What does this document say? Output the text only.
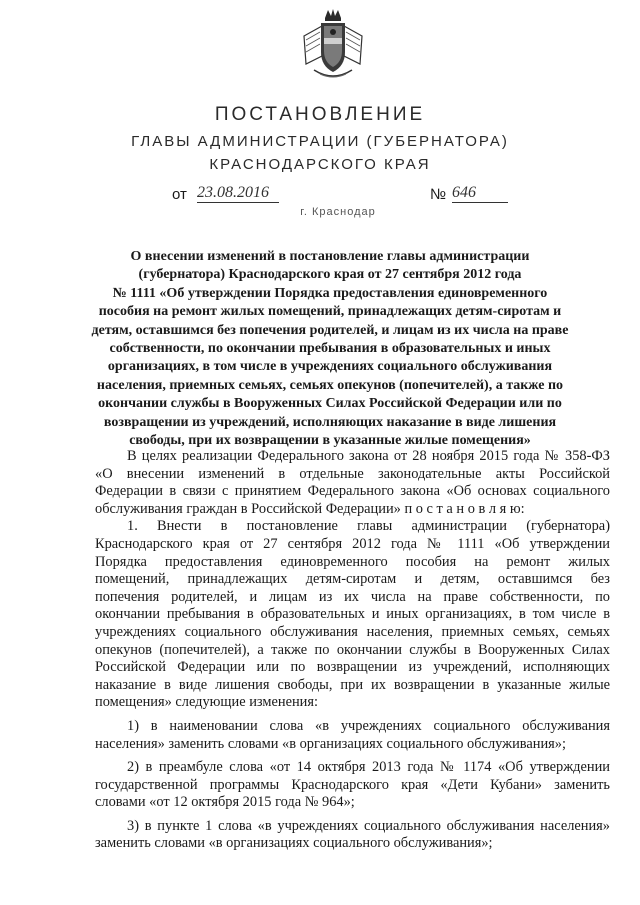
ПОСТАНОВЛЕНИЕ
ГЛАВЫ АДМИНИСТРАЦИИ (ГУБЕРНАТОРА)
КРАСНОДАРСКОГО КРАЯ
от 23.08.2016	№ 646
г. Краснодар
О внесении изменений в постановление главы администрации
(губернатора) Краснодарского края от 27 сентября 2012 года
№ 1111 «Об утверждении Порядка предоставления единовременного
пособия на ремонт жилых помещений, принадлежащих детям-сиротам и
детям, оставшимся без попечения родителей, и лицам из их числа на праве
собственности, по окончании пребывания в образовательных и иных
организациях, в том числе в учреждениях социального обслуживания
населения, приемных семьях, семьях опекунов (попечителей), а также по
окончании службы в Вооруженных Силах Российской Федерации или по
возвращении из учреждений, исполняющих наказание в виде лишения
свободы, при их возвращении в указанные жилые помещения»
В целях реализации Федерального закона от 28 ноября 2015 года № 358-ФЗ
«О внесении изменений в отдельные законодательные акты Российской
Федерации в связи с принятием Федерального закона «Об основах социального
обслуживания граждан в Российской Федерации» п о с т а н о в л я ю:
1. Внести в постановление главы администрации (губернатора)
Краснодарского края от 27 сентября 2012 года № 1111 «Об утверждении
Порядка предоставления единовременного пособия на ремонт жилых
помещений, принадлежащих детям-сиротам и детям, оставшимся без
попечения родителей, и лицам из их числа на праве собственности, по
окончании пребывания в образовательных и иных организациях, в том числе в
учреждениях социального обслуживания населения, приемных семьях, семьях
опекунов (попечителей), а также по окончании службы в Вооруженных Силах
Российской Федерации или по возвращении из учреждений, исполняющих
наказание в виде лишения свободы, при их возвращении в указанные жилые
помещения» следующие изменения:
1) в наименовании слова «в учреждениях социального обслуживания
населения» заменить словами «в организациях социального обслуживания»;
2) в преамбуле слова «от 14 октября 2013 года № 1174 «Об утверждении
государственной программы Краснодарского края «Дети Кубани» заменить
словами «от 12 октября 2015 года № 964»;
3) в пункте 1 слова «в учреждениях социального обслуживания населения»
заменить словами «в организациях социального обслуживания»;
